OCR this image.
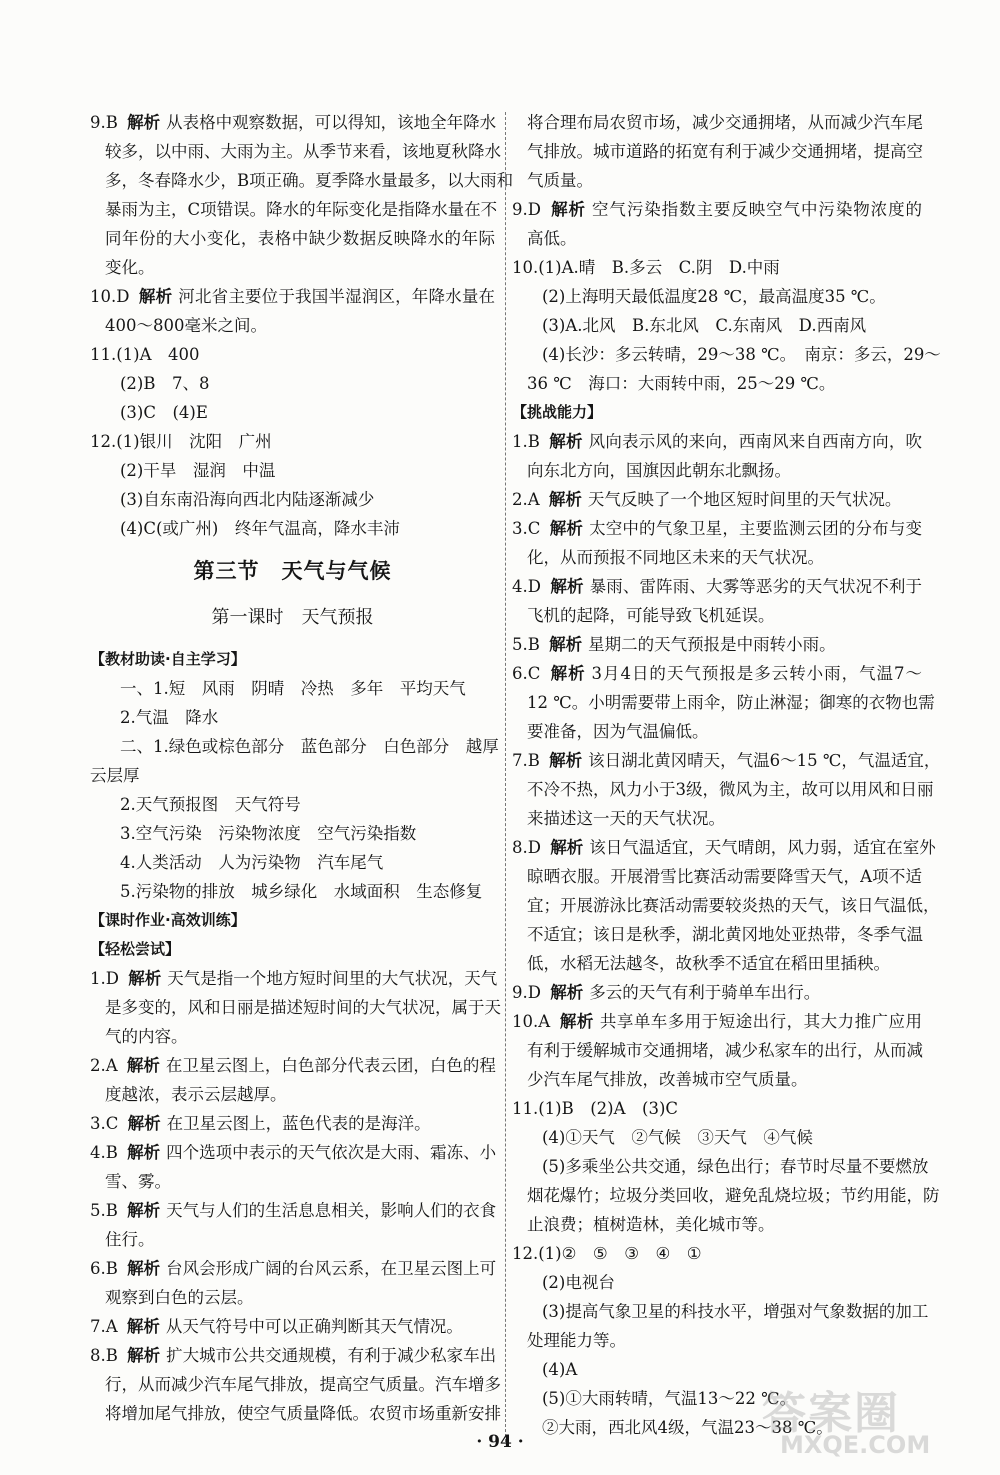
9.B 解析 从表格中观察数据，可以得知，该地全年降水
较多，以中雨、大雨为主。从季节来看，该地夏秋降水
多，冬春降水少，B项正确。夏季降水量最多，以大雨和
暴雨为主，C项错误。降水的年际变化是指降水量在不
同年份的大小变化，表格中缺少数据反映降水的年际
变化。
10.D 解析 河北省主要位于我国半湿润区，年降水量在
400～800毫米之间。
11.(1)A　400
(2)B　7、8
(3)C　(4)E
12.(1)银川　沈阳　广州
(2)干旱　湿润　中温
(3)自东南沿海向西北内陆逐渐减少
(4)C(或广州)　终年气温高，降水丰沛
第三节　天气与气候
第一课时　天气预报
【教材助读·自主学习】
一、1.短　风雨　阴晴　冷热　多年　平均天气
2.气温　降水
二、1.绿色或棕色部分　蓝色部分　白色部分　越厚
云层厚
2.天气预报图　天气符号
3.空气污染　污染物浓度　空气污染指数
4.人类活动　人为污染物　汽车尾气
5.污染物的排放　城乡绿化　水域面积　生态修复
【课时作业·高效训练】
【轻松尝试】
1.D 解析 天气是指一个地方短时间里的大气状况，天气
是多变的，风和日丽是描述短时间的大气状况，属于天
气的内容。
2.A 解析 在卫星云图上，白色部分代表云团，白色的程
度越浓，表示云层越厚。
3.C 解析 在卫星云图上，蓝色代表的是海洋。
4.B 解析 四个选项中表示的天气依次是大雨、霜冻、小
雪、雾。
5.B 解析 天气与人们的生活息息相关，影响人们的衣食
住行。
6.B 解析 台风会形成广阔的台风云系，在卫星云图上可
观察到白色的云层。
7.A 解析 从天气符号中可以正确判断其天气情况。
8.B 解析 扩大城市公共交通规模，有利于减少私家车出
行，从而减少汽车尾气排放，提高空气质量。汽车增多
将增加尾气排放，使空气质量降低。农贸市场重新安排
将合理布局农贸市场，减少交通拥堵，从而减少汽车尾
气排放。城市道路的拓宽有利于减少交通拥堵，提高空
气质量。
9.D 解析 空气污染指数主要反映空气中污染物浓度的
高低。
10.(1)A.晴　B.多云　C.阴　D.中雨
(2)上海明天最低温度28 ℃，最高温度35 ℃。
(3)A.北风　B.东北风　C.东南风　D.西南风
(4)长沙：多云转晴，29～38 ℃。　南京：多云，29～
36 ℃　海口：大雨转中雨，25～29 ℃。
【挑战能力】
1.B 解析 风向表示风的来向，西南风来自西南方向，吹
向东北方向，国旗因此朝东北飘扬。
2.A 解析 天气反映了一个地区短时间里的天气状况。
3.C 解析 太空中的气象卫星，主要监测云团的分布与变
化，从而预报不同地区未来的天气状况。
4.D 解析 暴雨、雷阵雨、大雾等恶劣的天气状况不利于
飞机的起降，可能导致飞机延误。
5.B 解析 星期二的天气预报是中雨转小雨。
6.C 解析 3月4日的天气预报是多云转小雨，气温7～
12 ℃。小明需要带上雨伞，防止淋湿；御寒的衣物也需
要准备，因为气温偏低。
7.B 解析 该日湖北黄冈晴天，气温6～15 ℃，气温适宜，
不冷不热，风力小于3级，微风为主，故可以用风和日丽
来描述这一天的天气状况。
8.D 解析 该日气温适宜，天气晴朗，风力弱，适宜在室外
晾晒衣服。开展滑雪比赛活动需要降雪天气，A项不适
宜；开展游泳比赛活动需要较炎热的天气，该日气温低，
不适宜；该日是秋季，湖北黄冈地处亚热带，冬季气温
低，水稻无法越冬，故秋季不适宜在稻田里插秧。
9.D 解析 多云的天气有利于骑单车出行。
10.A 解析 共享单车多用于短途出行，其大力推广应用
有利于缓解城市交通拥堵，减少私家车的出行，从而减
少汽车尾气排放，改善城市空气质量。
11.(1)B　(2)A　(3)C
(4)①天气　②气候　③天气　④气候
(5)多乘坐公共交通，绿色出行；春节时尽量不要燃放
烟花爆竹；垃圾分类回收，避免乱烧垃圾；节约用能，防
止浪费；植树造林，美化城市等。
12.(1)②　⑤　③　④　①
(2)电视台
(3)提高气象卫星的科技水平，增强对气象数据的加工
处理能力等。
(4)A
(5)①大雨转晴，气温13～22 ℃。
②大雨，西北风4级，气温23～38 ℃。
· 94 ·
答案圈
MXQE.COM
